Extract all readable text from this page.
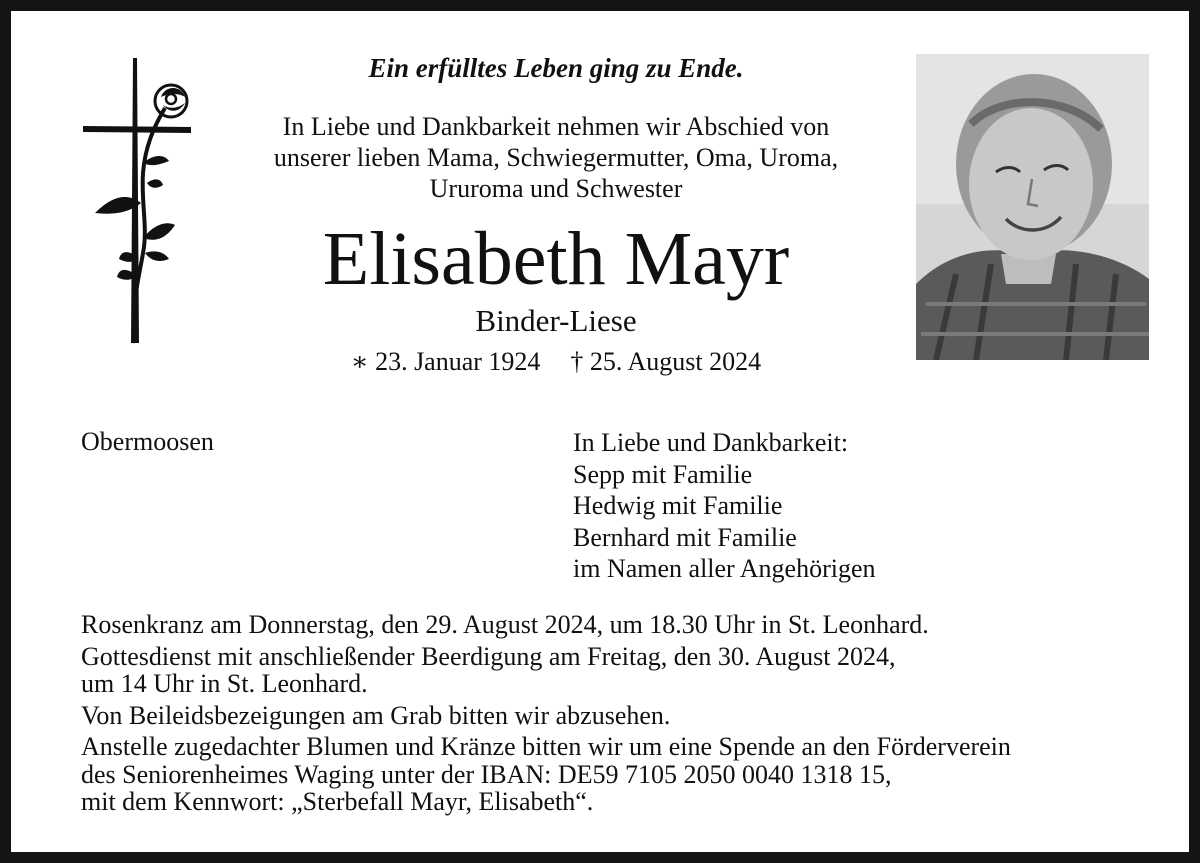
Ein erfülltes Leben ging zu Ende.

In Liebe und Dankbarkeit nehmen wir Abschied von
unserer lieben Mama, Schwiegermutter, Oma, Uroma,
Ururoma und Schwester
Elisabeth Mayr
Binder-Liese
∗ 23. Januar 1924 † 25. August 2024
Obermoosen	In Liebe und Dankbarkeit:
Sepp mit Familie
Hedwig mit Familie
Bernhard mit Familie
im Namen aller Angehörigen

Rosenkranz am Donnerstag, den 29. August 2024, um 18.30 Uhr in St. Leonhard.

Gottesdienst mit anschließender Beerdigung am Freitag, den 30. August 2024,
um 14 Uhr in St. Leonhard.

Von Beileidsbezeigungen am Grab bitten wir abzusehen.

Anstelle zugedachter Blumen und Kränze bitten wir um eine Spende an den Förderverein
des Seniorenheimes Waging unter der IBAN: DE59 7105 2050 0040 1318 15,
mit dem Kennwort: „Sterbefall Mayr, Elisabeth“.
